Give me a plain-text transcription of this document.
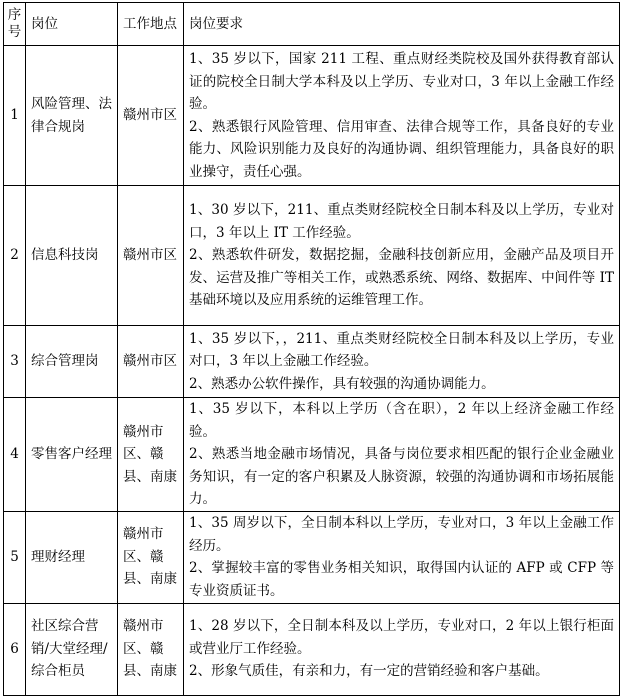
序号	岗位	工作地点	岗位要求
1	风险管理、法律合规岗	赣州市区	1、35 岁以下，国家 211 工程、重点财经类院校及国外获得教育部认证的院校全日制大学本科及以上学历、专业对口，3 年以上金融工作经验。
2、熟悉银行风险管理、信用审查、法律合规等工作，具备良好的专业能力、风险识别能力及良好的沟通协调、组织管理能力，具备良好的职业操守，责任心强。

2	信息科技岗	赣州市区	1、30 岁以下，211、重点类财经院校全日制本科及以上学历，专业对口，3 年以上 IT 工作经验。
2、熟悉软件研发，数据挖掘，金融科技创新应用，金融产品及项目开发、运营及推广等相关工作，或熟悉系统、网络、数据库、中间件等 IT 基础环境以及应用系统的运维管理工作。

3	综合管理岗	赣州市区	1、35 岁以下，，211、重点类财经院校全日制本科及以上学历，专业对口，3 年以上金融工作经验。
2、熟悉办公软件操作，具有较强的沟通协调能力。

4	零售客户经理	赣州市区、赣县、南康	1、35 岁以下，本科以上学历（含在职），2 年以上经济金融工作经验。
2、熟悉当地金融市场情况，具备与岗位要求相匹配的银行企业金融业务知识，有一定的客户积累及人脉资源，较强的沟通协调和市场拓展能力。

5	理财经理	赣州市区、赣县、南康	1、35 周岁以下，全日制本科以上学历，专业对口，3 年以上金融工作经历。
2、掌握较丰富的零售业务相关知识，取得国内认证的 AFP 或 CFP 等专业资质证书。

6	社区综合营销/大堂经理/综合柜员	赣州市区、赣县、南康	1、28 岁以下，全日制本科及以上学历，专业对口，2 年以上银行柜面或营业厅工作经验。
2、形象气质佳，有亲和力，有一定的营销经验和客户基础。
